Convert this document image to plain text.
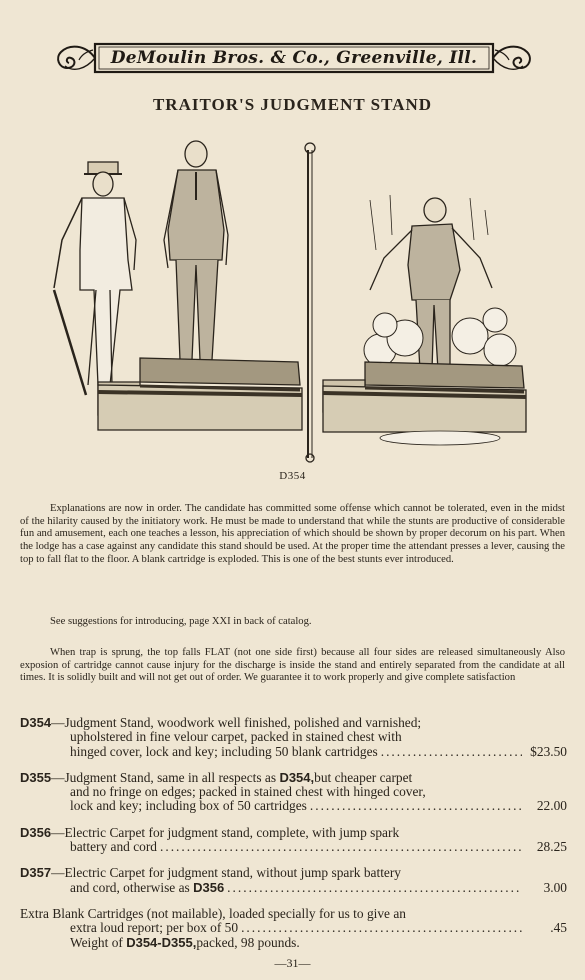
DeMoulin Bros. & Co., Greenville, Ill.
TRAITOR'S JUDGMENT STAND
D354

Explanations are now in order. The candidate has committed some offense which cannot be tolerated, even in the midst of the hilarity caused by the initiatory work. He must be made to understand that while the stunts are productive of considerable fun and amusement, each one teaches a lesson, his appreciation of which should be shown by proper decorum on his part. When the lodge has a case against any candidate this stand should be used. At the proper time the attendant presses a lever, causing the top to fall flat to the floor. A blank cartridge is exploded. This is one of the best stunts ever introduced.

See suggestions for introducing, page XXI in back of catalog.

When trap is sprung, the top falls FLAT (not one side first) because all four sides are released simultaneously Also exposion of cartridge cannot cause injury for the discharge is inside the stand and entirely separated from the candidate at all times. It is solidly built and will not get out of order. We guarantee it to work properly and give complete satisfaction

D354 —Judgment Stand, woodwork well finished, polished and varnished;
upholstered in fine velour carpet, packed in stained chest with
hinged cover, lock and key; including 50 blank cartridges .....	$23.50
D355 —Judgment Stand, same in all respects as
D354, but cheaper carpet
and no fringe on edges; packed in stained chest with hinged cover,
lock and key; including box of 50 cartridges .....	22.00
D356 —Electric Carpet for judgment stand, complete, with jump spark
battery and cord .....	28.25
D357 —Electric Carpet for judgment stand, without jump spark battery
and cord, otherwise as
D356 .....	3.00
Extra Blank Cartridges (not mailable), loaded specially for us to give an
extra loud report; per box of 50 .....	.45
Weight of
D354-D355, packed, 98 pounds.
—31—
